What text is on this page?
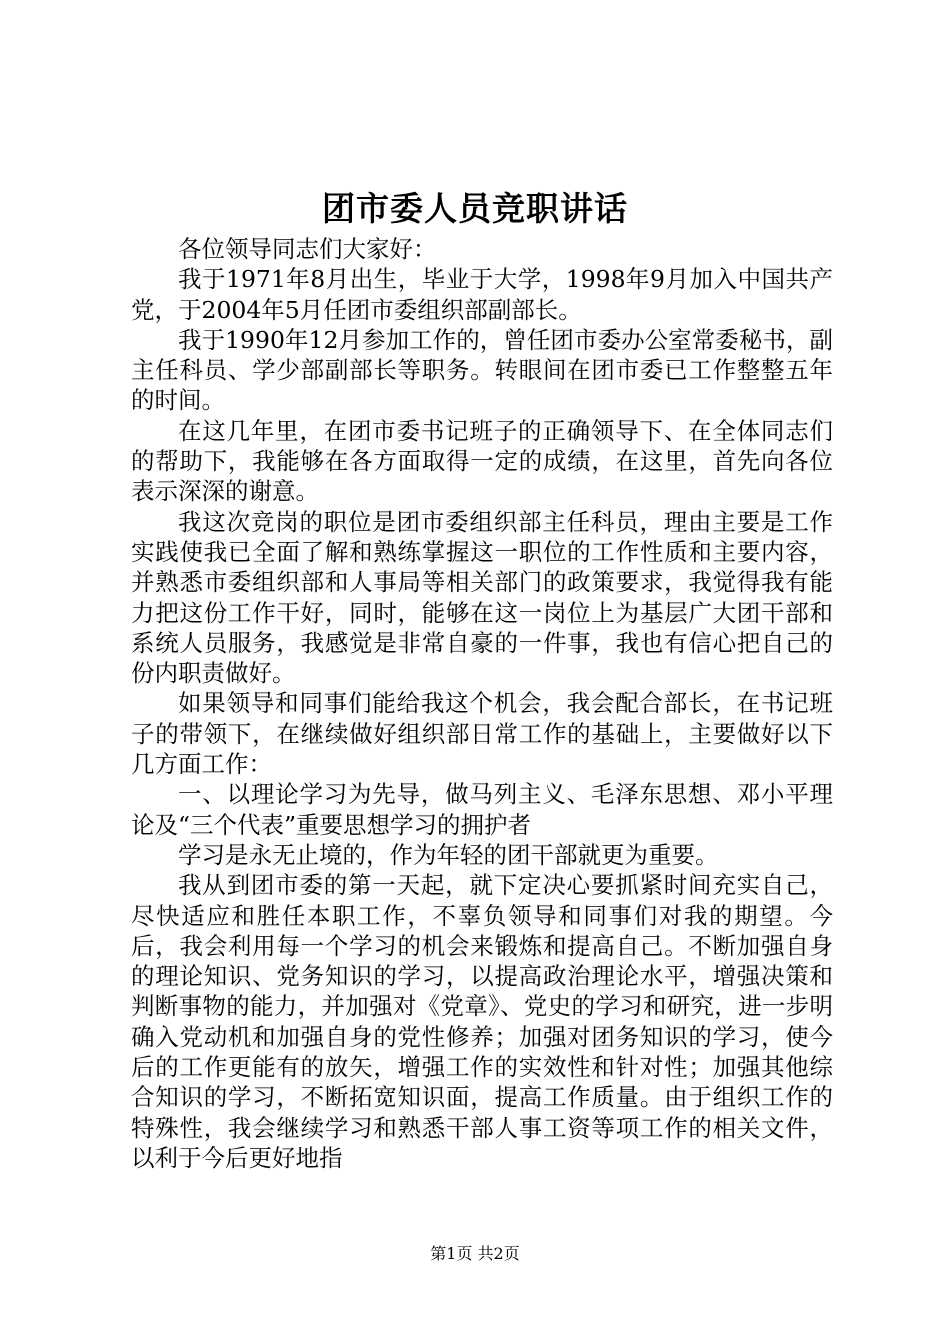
团市委人员竞职讲话

各位领导同志们大家好：

我于1971年8月出生，毕业于大学，1998年9月加入中国共产党，于2004年5月任团市委组织部副部长。

我于1990年12月参加工作的，曾任团市委办公室常委秘书，副主任科员、学少部副部长等职务。转眼间在团市委已工作整整五年的时间。

在这几年里，在团市委书记班子的正确领导下、在全体同志们的帮助下，我能够在各方面取得一定的成绩，在这里，首先向各位表示深深的谢意。

我这次竞岗的职位是团市委组织部主任科员，理由主要是工作实践使我已全面了解和熟练掌握这一职位的工作性质和主要内容，并熟悉市委组织部和人事局等相关部门的政策要求，我觉得我有能力把这份工作干好，同时，能够在这一岗位上为基层广大团干部和系统人员服务，我感觉是非常自豪的一件事，我也有信心把自己的份内职责做好。

如果领导和同事们能给我这个机会，我会配合部长，在书记班子的带领下，在继续做好组织部日常工作的基础上，主要做好以下几方面工作：

一、以理论学习为先导，做马列主义、毛泽东思想、邓小平理论及“三个代表”重要思想学习的拥护者

学习是永无止境的，作为年轻的团干部就更为重要。

我从到团市委的第一天起，就下定决心要抓紧时间充实自己，尽快适应和胜任本职工作，不辜负领导和同事们对我的期望。今后，我会利用每一个学习的机会来锻炼和提高自己。不断加强自身的理论知识、党务知识的学习，以提高政治理论水平，增强决策和判断事物的能力，并加强对《党章》、党史的学习和研究，进一步明确入党动机和加强自身的党性修养；加强对团务知识的学习，使今后的工作更能有的放矢，增强工作的实效性和针对性；加强其他综合知识的学习，不断拓宽知识面，提高工作质量。由于组织工作的特殊性，我会继续学习和熟悉干部人事工资等项工作的相关文件，以利于今后更好地指

第1页 共2页
